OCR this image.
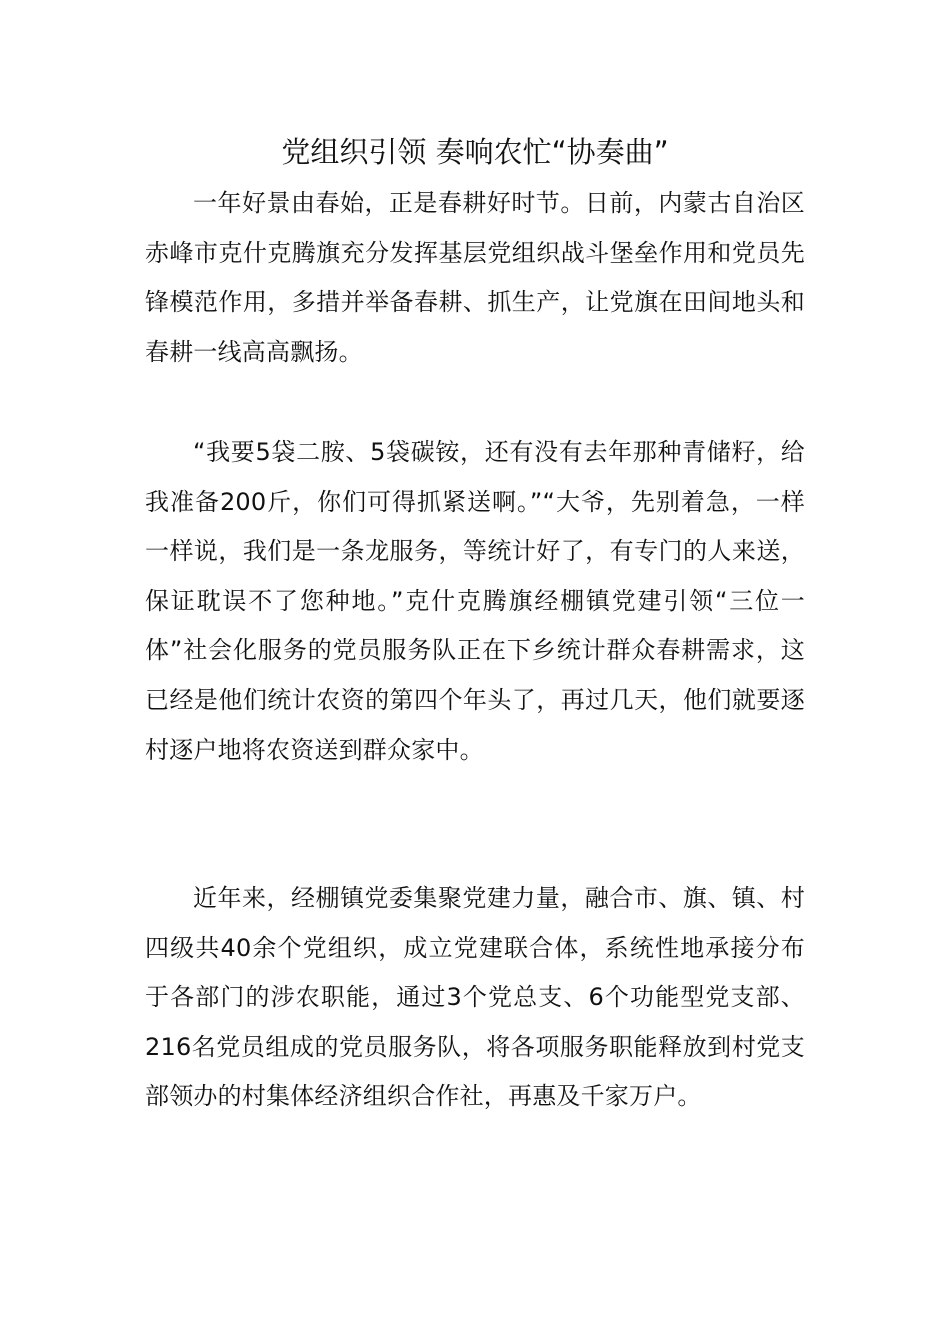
党组织引领 奏响农忙“协奏曲”

一年好景由春始，正是春耕好时节。日前，内蒙古自治区赤峰市克什克腾旗充分发挥基层党组织战斗堡垒作用和党员先锋模范作用，多措并举备春耕、抓生产，让党旗在田间地头和春耕一线高高飘扬。

“我要5袋二胺、5袋碳铵，还有没有去年那种青储籽，给我准备200斤，你们可得抓紧送啊。”“大爷，先别着急，一样一样说，我们是一条龙服务，等统计好了，有专门的人来送，保证耽误不了您种地。”克什克腾旗经棚镇党建引领“三位一体”社会化服务的党员服务队正在下乡统计群众春耕需求，这已经是他们统计农资的第四个年头了，再过几天，他们就要逐村逐户地将农资送到群众家中。

近年来，经棚镇党委集聚党建力量，融合市、旗、镇、村四级共40余个党组织，成立党建联合体，系统性地承接分布于各部门的涉农职能，通过3个党总支、6个功能型党支部、216名党员组成的党员服务队，将各项服务职能释放到村党支部领办的村集体经济组织合作社，再惠及千家万户。
